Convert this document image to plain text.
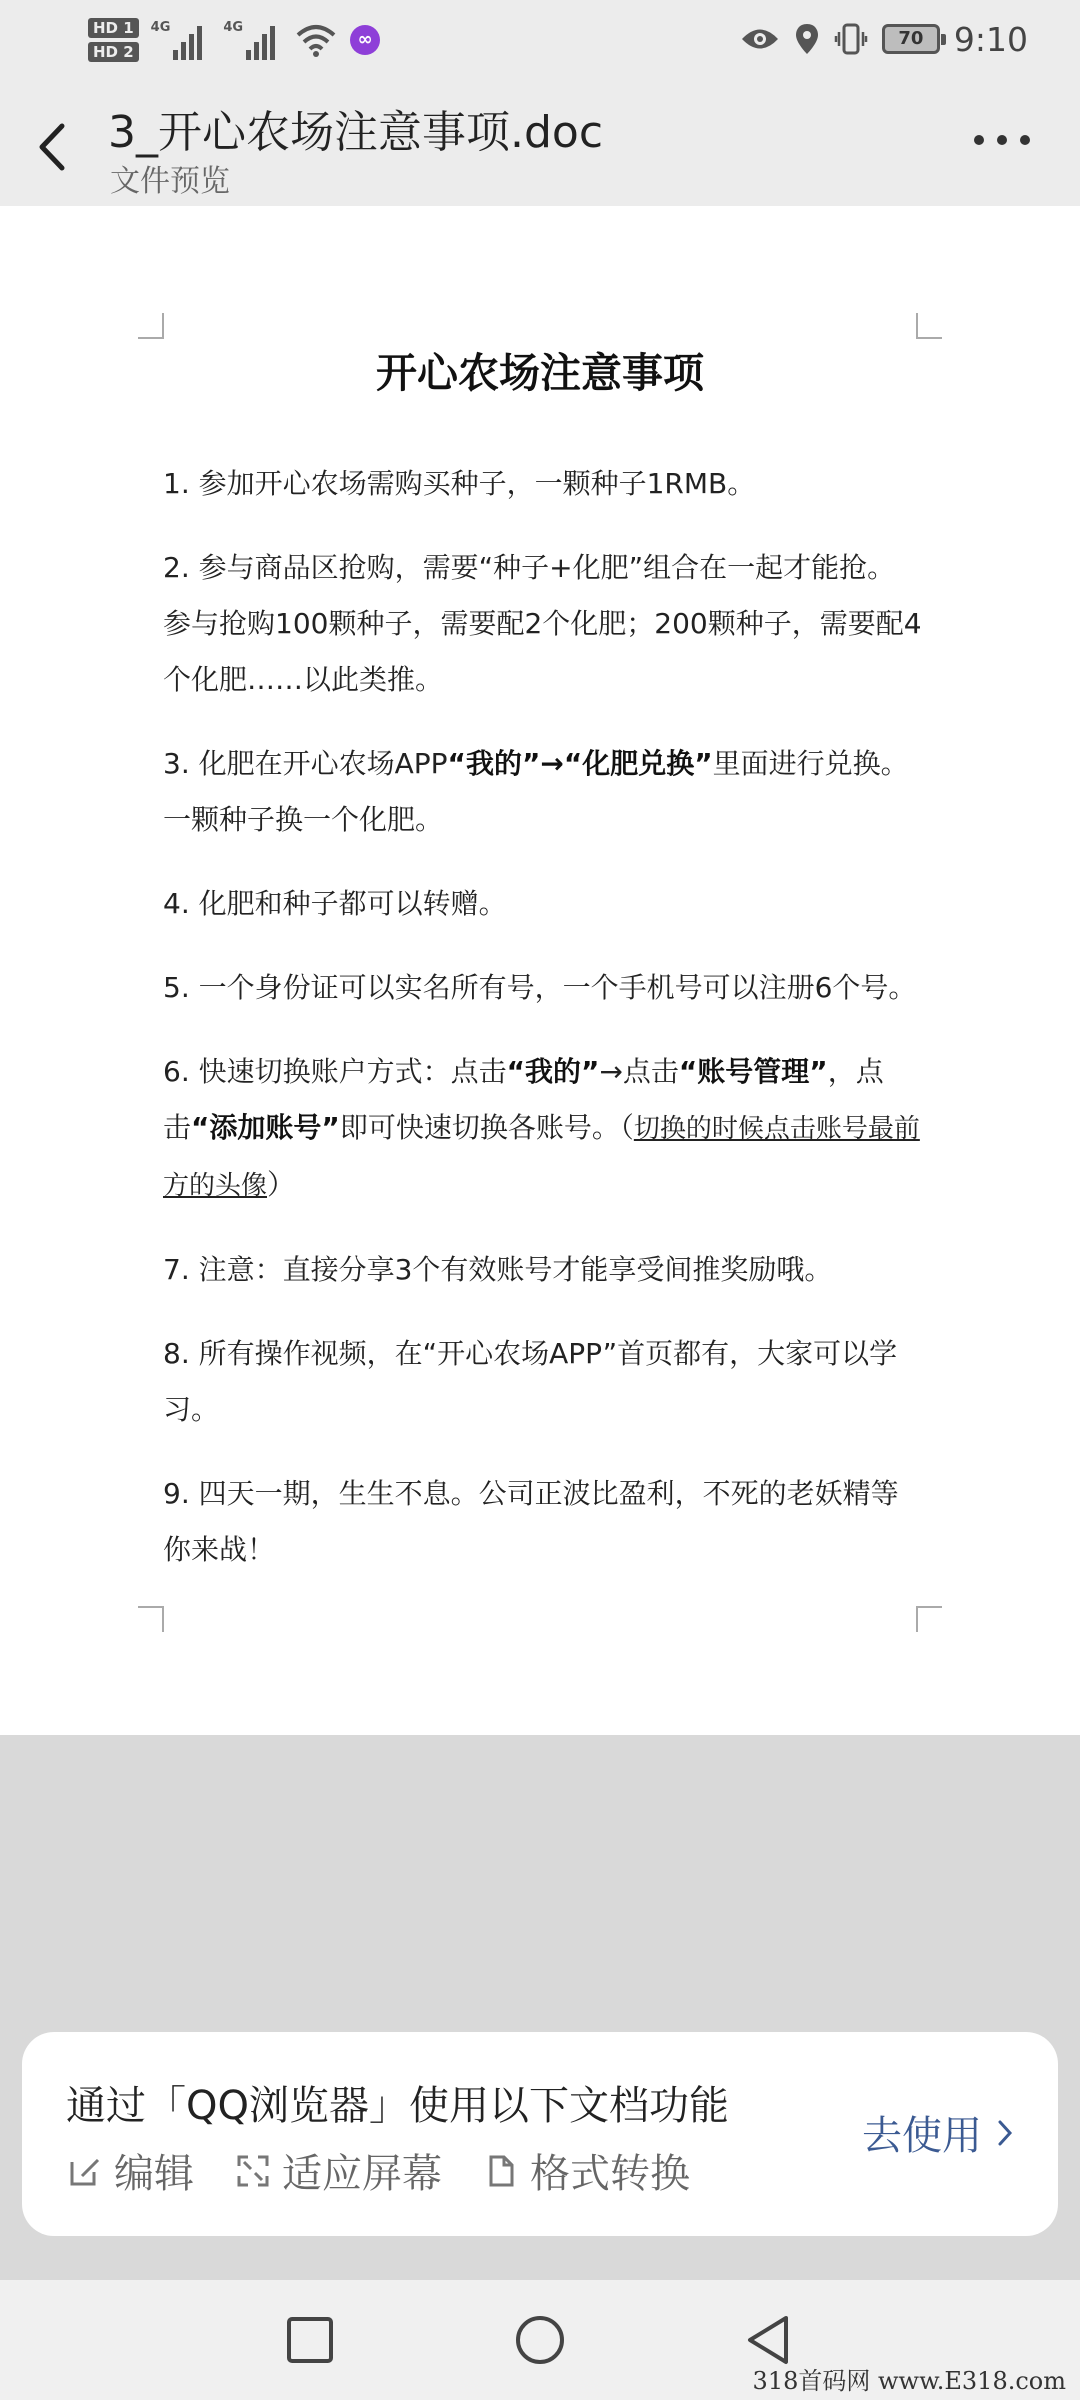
HD 1
HD 2
4G	4G
∞	70 9:10
3_开心农场注意事项.doc
文件预览
开心农场注意事项

1. 参加开心农场需购买种子，一颗种子1RMB。

2. 参与商品区抢购，需要“种子+化肥”组合在一起才能抢。参与抢购100颗种子，需要配2个化肥；200颗种子，需要配4个化肥……以此类推。

3. 化肥在开心农场APP“我的”→“化肥兑换”里面进行兑换。一颗种子换一个化肥。

4. 化肥和种子都可以转赠。

5. 一个身份证可以实名所有号，一个手机号可以注册6个号。

6. 快速切换账户方式：点击“我的”→点击“账号管理”，点击“添加账号”即可快速切换各账号。（切换的时候点击账号最前方的头像）

7. 注意：直接分享3个有效账号才能享受间推奖励哦。

8. 所有操作视频，在“开心农场APP”首页都有，大家可以学习。

9. 四天一期，生生不息。公司正波比盈利，不死的老妖精等你来战！

通过「QQ浏览器」使用以下文档功能
编辑 适应屏幕 格式转换
去使用
318首码网 www.E318.com
